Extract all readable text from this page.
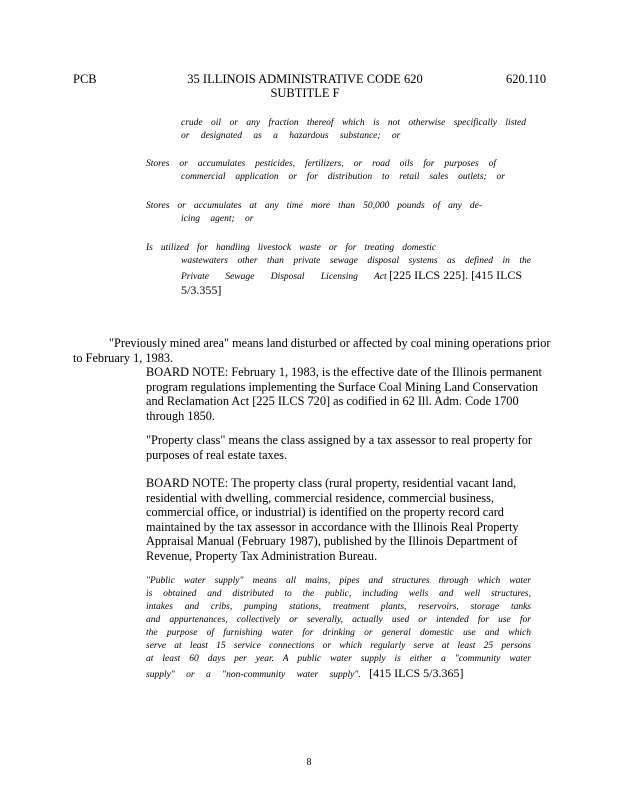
PCB	35 ILLINOIS ADMINISTRATIVE CODE 620
SUBTITLE F
620.110
crude oil or any fraction thereof which is not otherwise specifically listed
or designated as a hazardous substance; or
Stores or accumulates pesticides, fertilizers, or road oils for purposes of
commercial application or for distribution to retail sales outlets; or
Stores or accumulates at any time more than 50,000 pounds of any de-
icing agent; or
Is utilized for handling livestock waste or for treating domestic
wastewaters other than private sewage disposal systems as defined in the
Private Sewage Disposal Licensing Act [225 ILCS 225]. [415 ILCS
5/3.355]
"Previously mined area" means land disturbed or affected by coal mining operations prior
to February 1, 1983.
BOARD NOTE: February 1, 1983, is the effective date of the Illinois permanent
program regulations implementing the Surface Coal Mining Land Conservation
and Reclamation Act [225 ILCS 720] as codified in 62 Ill. Adm. Code 1700
through 1850.
"Property class" means the class assigned by a tax assessor to real property for
purposes of real estate taxes.
BOARD NOTE: The property class (rural property, residential vacant land,
residential with dwelling, commercial residence, commercial business,
commercial office, or industrial) is identified on the property record card
maintained by the tax assessor in accordance with the Illinois Real Property
Appraisal Manual (February 1987), published by the Illinois Department of
Revenue, Property Tax Administration Bureau.
"Public water supply" means all mains, pipes and structures through which water
is obtained and distributed to the public, including wells and well structures,
intakes and cribs, pumping stations, treatment plants, reservoirs, storage tanks
and appurtenances, collectively or severally, actually used or intended for use for
the purpose of furnishing water for drinking or general domestic use and which
serve at least 15 service connections or which regularly serve at least 25 persons
at least 60 days per year. A public water supply is either a "community water
supply" or a "non-community water supply". [415 ILCS 5/3.365]
8
